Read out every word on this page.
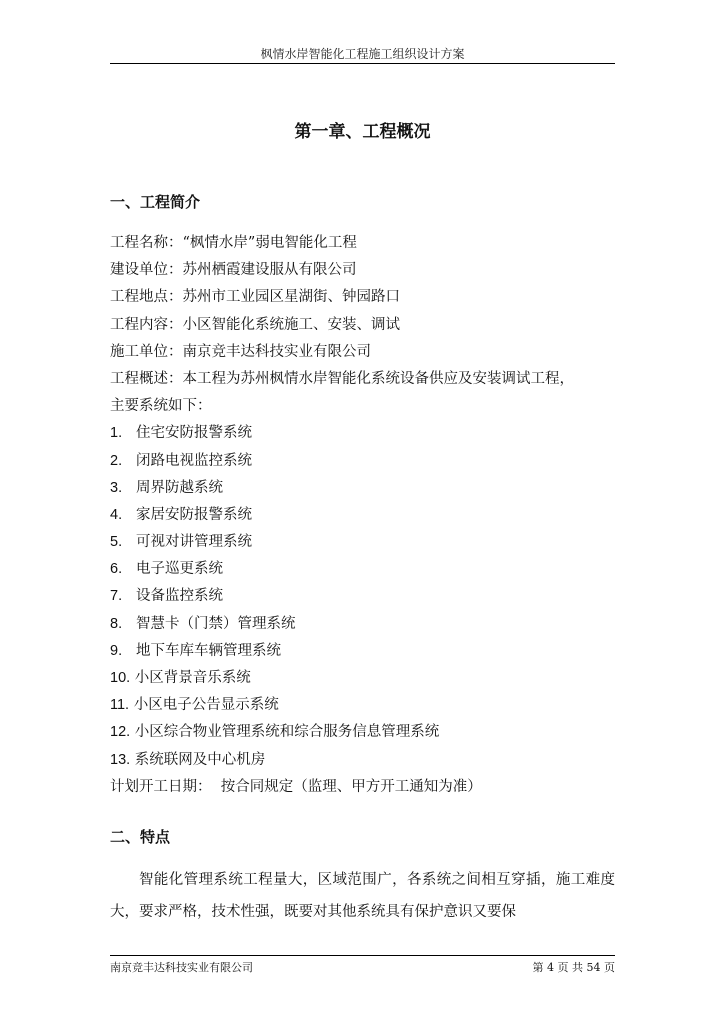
枫情水岸智能化工程施工组织设计方案
第一章、工程概况
一、工程简介
工程名称：“枫情水岸”弱电智能化工程
建设单位：苏州栖霞建设服从有限公司
工程地点：苏州市工业园区星湖街、钟园路口
工程内容：小区智能化系统施工、安装、调试
施工单位：南京竞丰达科技实业有限公司
工程概述：本工程为苏州枫情水岸智能化系统设备供应及安装调试工程，
主要系统如下：
1. 住宅安防报警系统
2. 闭路电视监控系统
3. 周界防越系统
4. 家居安防报警系统
5. 可视对讲管理系统
6. 电子巡更系统
7. 设备监控系统
8. 智慧卡（门禁）管理系统
9. 地下车库车辆管理系统
10. 小区背景音乐系统
11. 小区电子公告显示系统
12. 小区综合物业管理系统和综合服务信息管理系统
13. 系统联网及中心机房
计划开工日期：  按合同规定（监理、甲方开工通知为准）
二、特点
智能化管理系统工程量大，区域范围广，各系统之间相互穿插，施工难度大，要求严格，技术性强，既要对其他系统具有保护意识又要保
南京竞丰达科技实业有限公司	第 4 页 共 54 页
